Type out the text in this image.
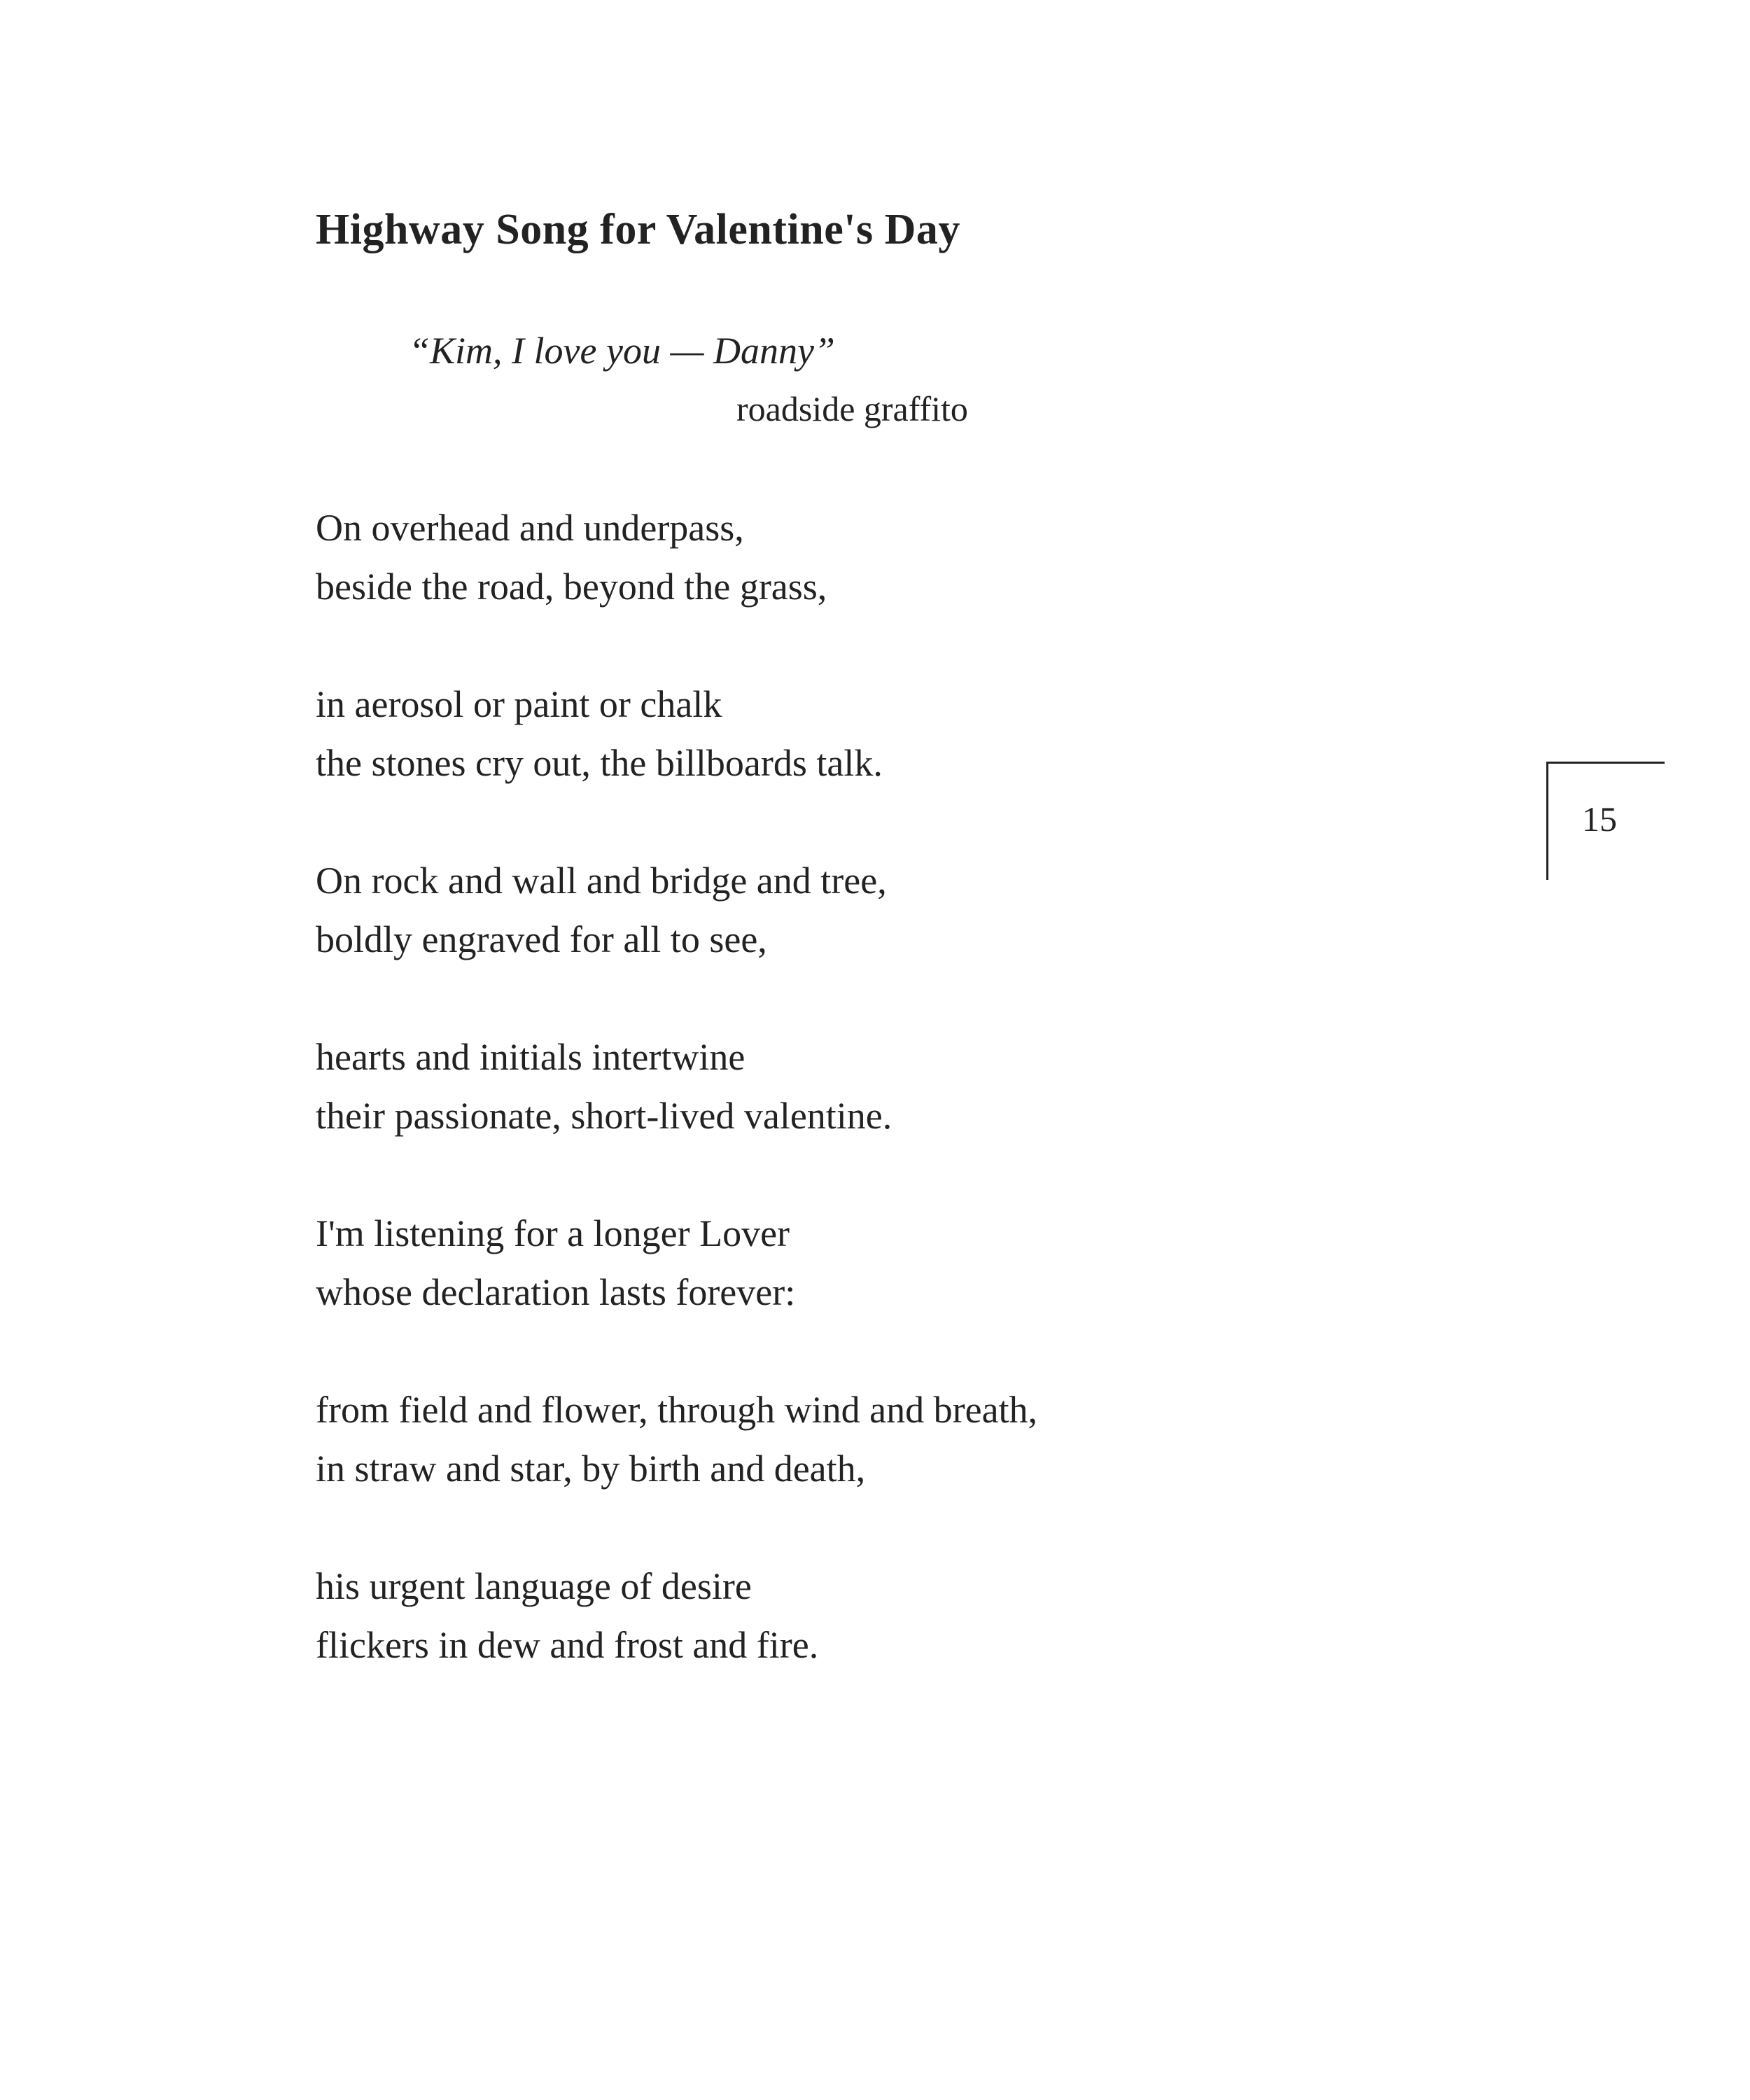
Highway Song for Valentine's Day
“Kim, I love you — Danny”
roadside graffito
On overhead and underpass,
beside the road, beyond the grass,
in aerosol or paint or chalk
the stones cry out, the billboards talk.
On rock and wall and bridge and tree,
boldly engraved for all to see,
hearts and initials intertwine
their passionate, short-lived valentine.
I'm listening for a longer Lover
whose declaration lasts forever:
from field and flower, through wind and breath,
in straw and star, by birth and death,
his urgent language of desire
flickers in dew and frost and fire.
15
